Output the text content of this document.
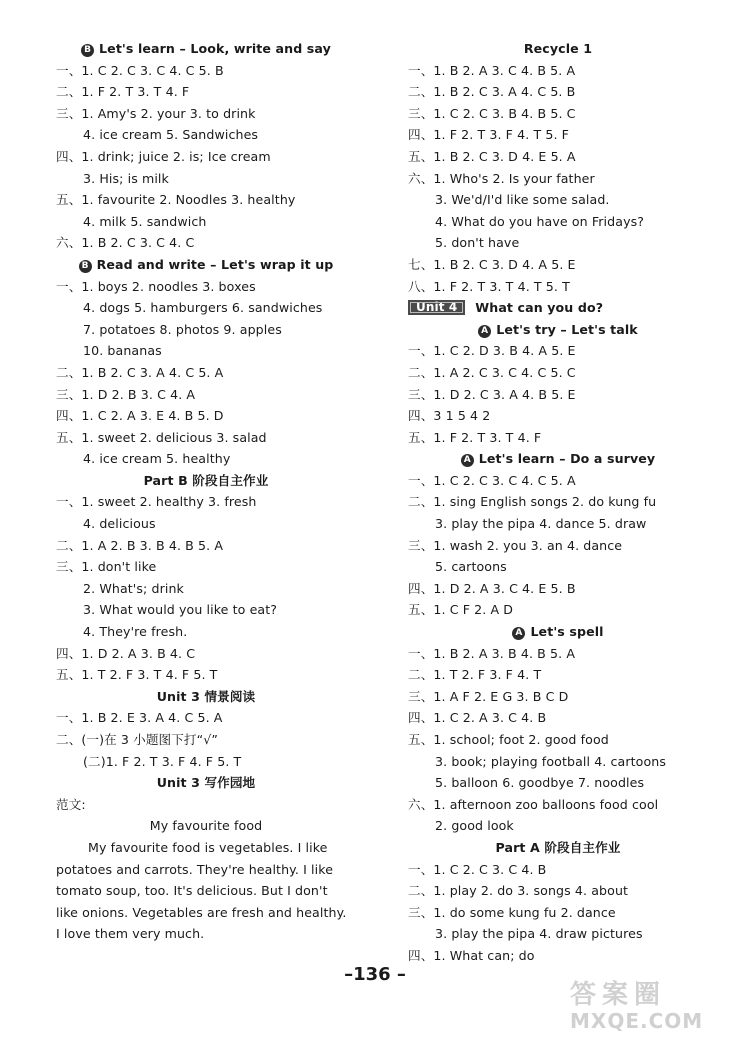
B Let's learn – Look, write and say
一、1. C 2. C 3. C 4. C 5. B
二、1. F 2. T 3. T 4. F
三、1. Amy's 2. your 3. to drink
4. ice cream 5. Sandwiches
四、1. drink; juice 2. is; Ice cream
3. His; is milk
五、1. favourite 2. Noodles 3. healthy
4. milk 5. sandwich
六、1. B 2. C 3. C 4. C
B Read and write – Let's wrap it up
一、1. boys 2. noodles 3. boxes
4. dogs 5. hamburgers 6. sandwiches
7. potatoes 8. photos 9. apples
10. bananas
二、1. B 2. C 3. A 4. C 5. A
三、1. D 2. B 3. C 4. A
四、1. C 2. A 3. E 4. B 5. D
五、1. sweet 2. delicious 3. salad
4. ice cream 5. healthy
Part B 阶段自主作业
一、1. sweet 2. healthy 3. fresh
4. delicious
二、1. A 2. B 3. B 4. B 5. A
三、1. don't like
2. What's; drink
3. What would you like to eat?
4. They're fresh.
四、1. D 2. A 3. B 4. C
五、1. T 2. F 3. T 4. F 5. T
Unit 3 情景阅读
一、1. B 2. E 3. A 4. C 5. A
二、(一)在 3 小题图下打“√”
(二)1. F 2. T 3. F 4. F 5. T
Unit 3 写作园地
范文:
My favourite food
My favourite food is vegetables. I like
potatoes and carrots. They're healthy. I like
tomato soup, too. It's delicious. But I don't
like onions. Vegetables are fresh and healthy.
I love them very much.
Recycle 1
一、1. B 2. A 3. C 4. B 5. A
二、1. B 2. C 3. A 4. C 5. B
三、1. C 2. C 3. B 4. B 5. C
四、1. F 2. T 3. F 4. T 5. F
五、1. B 2. C 3. D 4. E 5. A
六、1. Who's 2. Is your father
3. We'd/I'd like some salad.
4. What do you have on Fridays?
5. don't have
七、1. B 2. C 3. D 4. A 5. E
八、1. F 2. T 3. T 4. T 5. T
Unit 4 What can you do?
A Let's try – Let's talk
一、1. C 2. D 3. B 4. A 5. E
二、1. A 2. C 3. C 4. C 5. C
三、1. D 2. C 3. A 4. B 5. E
四、3 1 5 4 2
五、1. F 2. T 3. T 4. F
A Let's learn – Do a survey
一、1. C 2. C 3. C 4. C 5. A
二、1. sing English songs 2. do kung fu
3. play the pipa 4. dance 5. draw
三、1. wash 2. you 3. an 4. dance
5. cartoons
四、1. D 2. A 3. C 4. E 5. B
五、1. C F 2. A D
A Let's spell
一、1. B 2. A 3. B 4. B 5. A
二、1. T 2. F 3. F 4. T
三、1. A F 2. E G 3. B C D
四、1. C 2. A 3. C 4. B
五、1. school; foot 2. good food
3. book; playing football 4. cartoons
5. balloon 6. goodbye 7. noodles
六、1. afternoon zoo balloons food cool
2. good look
Part A 阶段自主作业
一、1. C 2. C 3. C 4. B
二、1. play 2. do 3. songs 4. about
三、1. do some kung fu 2. dance
3. play the pipa 4. draw pictures
四、1. What can; do
–136 –
答案圈
MXQE.COM
